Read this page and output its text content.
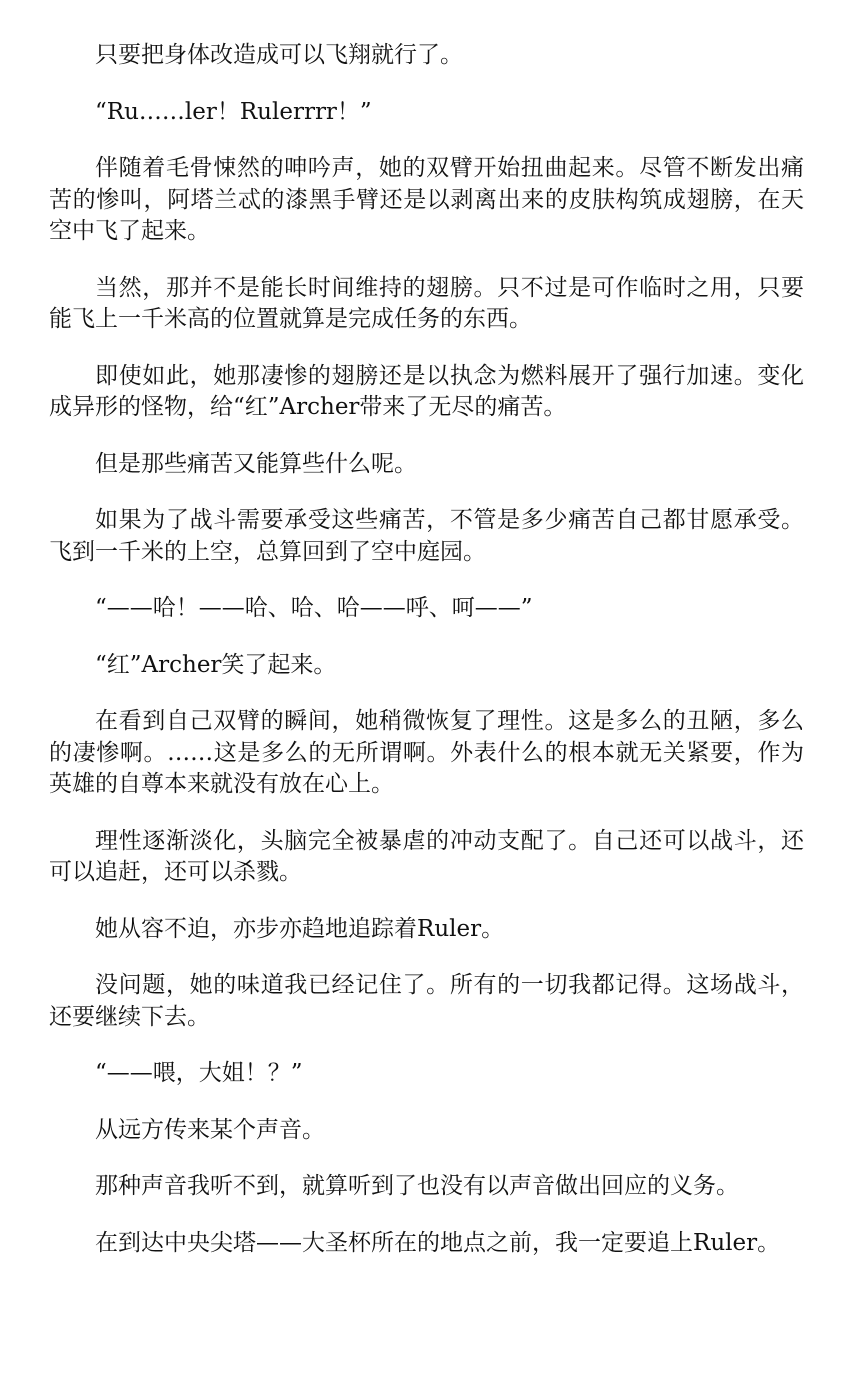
只要把身体改造成可以飞翔就行了。

“Ru……ler！Rulerrrr！”

伴随着毛骨悚然的呻吟声，她的双臂开始扭曲起来。尽管不断发出痛苦的惨叫，阿塔兰忒的漆黑手臂还是以剥离出来的皮肤构筑成翅膀，在天空中飞了起来。

当然，那并不是能长时间维持的翅膀。只不过是可作临时之用，只要能飞上一千米高的位置就算是完成任务的东西。

即使如此，她那凄惨的翅膀还是以执念为燃料展开了强行加速。变化成异形的怪物，给“红”Archer带来了无尽的痛苦。

但是那些痛苦又能算些什么呢。

如果为了战斗需要承受这些痛苦，不管是多少痛苦自己都甘愿承受。飞到一千米的上空，总算回到了空中庭园。

“——哈！——哈、哈、哈——呼、呵——”

“红”Archer笑了起来。

在看到自己双臂的瞬间，她稍微恢复了理性。这是多么的丑陋，多么的凄惨啊。……这是多么的无所谓啊。外表什么的根本就无关紧要，作为英雄的自尊本来就没有放在心上。

理性逐渐淡化，头脑完全被暴虐的冲动支配了。自己还可以战斗，还可以追赶，还可以杀戮。

她从容不迫，亦步亦趋地追踪着Ruler。

没问题，她的味道我已经记住了。所有的一切我都记得。这场战斗，还要继续下去。

“——喂，大姐！？”

从远方传来某个声音。

那种声音我听不到，就算听到了也没有以声音做出回应的义务。

在到达中央尖塔——大圣杯所在的地点之前，我一定要追上Ruler。
